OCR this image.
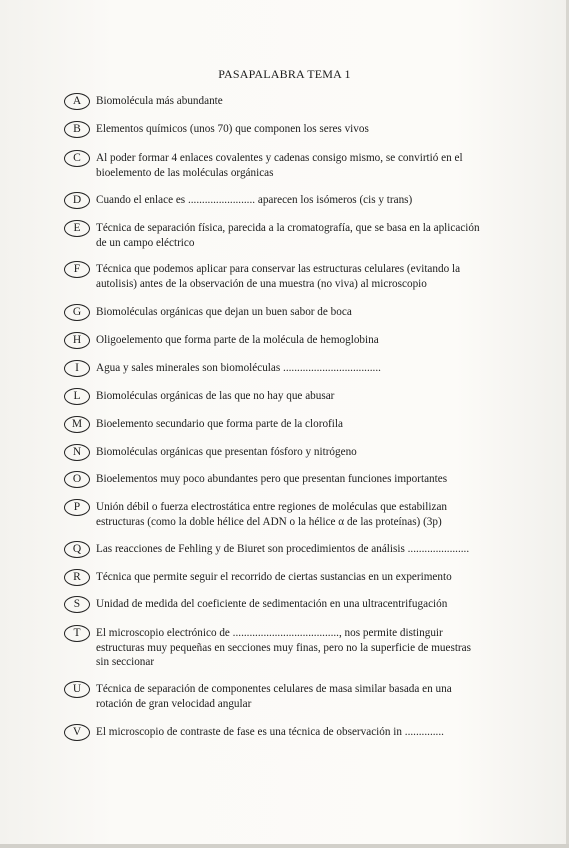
PASAPALABRA TEMA 1
A	Biomolécula más abundante
B	Elementos químicos (unos 70) que componen los seres vivos
C	Al poder formar 4 enlaces covalentes y cadenas consigo mismo, se convirtió en el bioelemento de las moléculas orgánicas
D	Cuando el enlace es ........................ aparecen los isómeros (cis y trans)
E	Técnica de separación física, parecida a la cromatografía, que se basa en la aplicación de un campo eléctrico
F	Técnica que podemos aplicar para conservar las estructuras celulares (evitando la autolisis) antes de la observación de una muestra (no viva) al microscopio
G	Biomoléculas orgánicas que dejan un buen sabor de boca
H	Oligoelemento que forma parte de la molécula de hemoglobina
I	Agua y sales minerales son biomoléculas ...................................
L	Biomoléculas orgánicas de las que no hay que abusar
M	Bioelemento secundario que forma parte de la clorofila
N	Biomoléculas orgánicas que presentan fósforo y nitrógeno
O	Bioelementos muy poco abundantes pero que presentan funciones importantes
P	Unión débil o fuerza electrostática entre regiones de moléculas que estabilizan estructuras (como la doble hélice del ADN o la hélice α de las proteínas) (3p)
Q	Las reacciones de Fehling y de Biuret son procedimientos de análisis ......................
R	Técnica que permite seguir el recorrido de ciertas sustancias en un experimento
S	Unidad de medida del coeficiente de sedimentación en una ultracentrifugación
T	El microscopio electrónico de ......................................, nos permite distinguir estructuras muy pequeñas en secciones muy finas, pero no la superficie de muestras sin seccionar
U	Técnica de separación de componentes celulares de masa similar basada en una rotación de gran velocidad angular
V	El microscopio de contraste de fase es una técnica de observación in ..............
